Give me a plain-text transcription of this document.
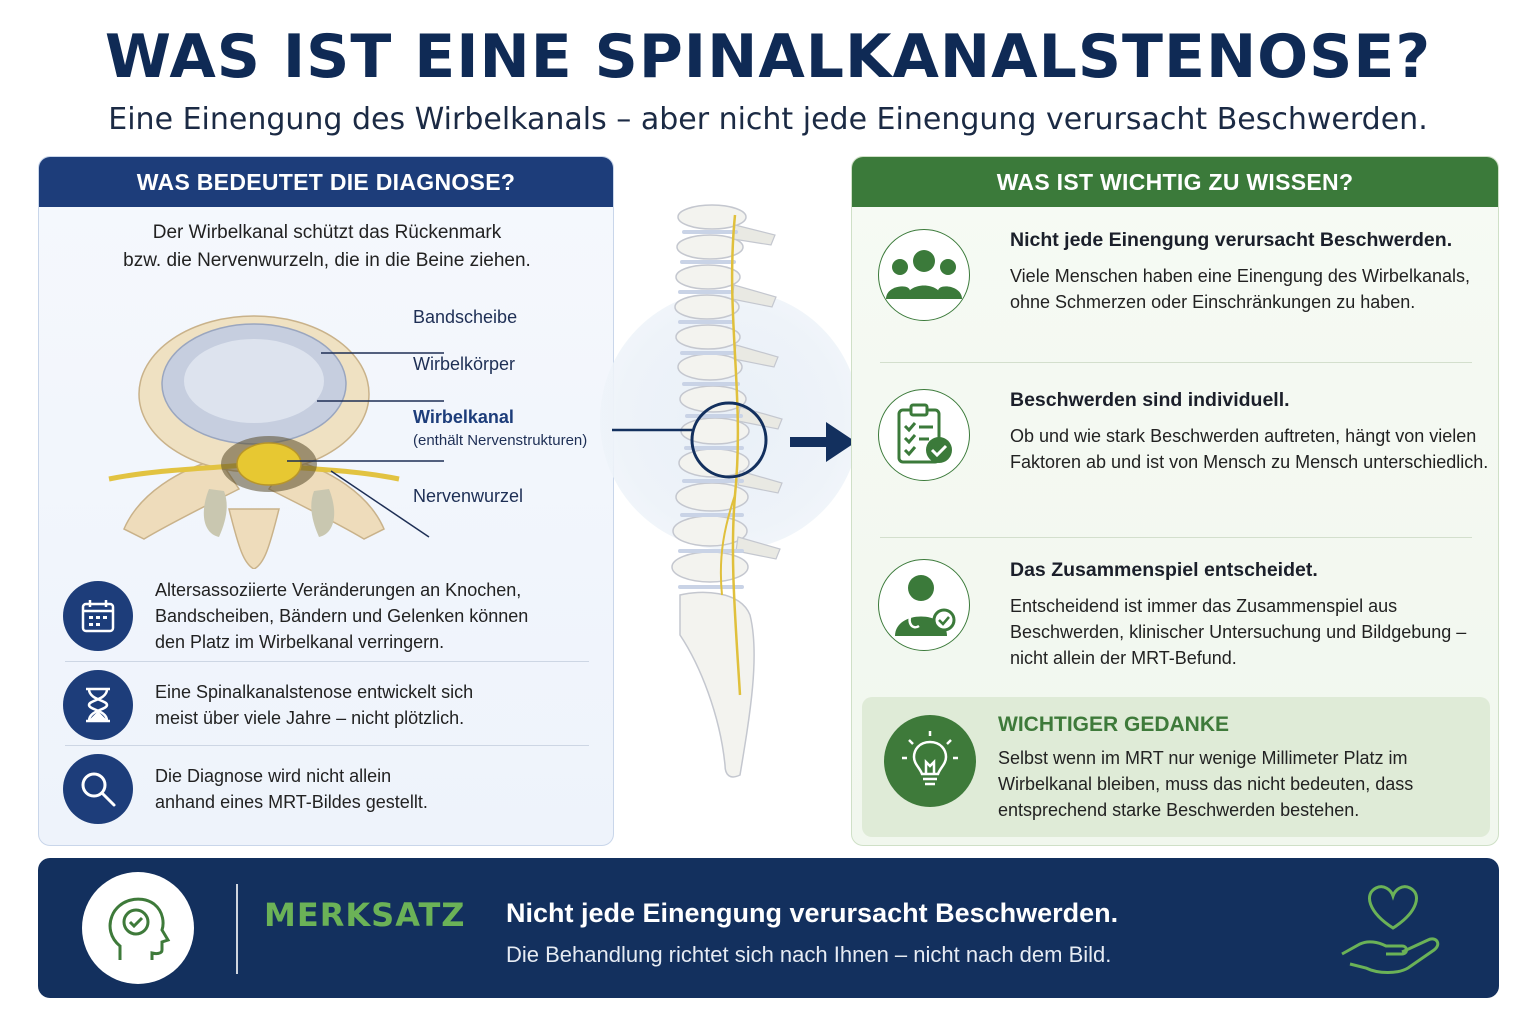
WAS IST EINE SPINALKANALSTENOSE?
Eine Einengung des Wirbelkanals – aber nicht jede Einengung verursacht Beschwerden.
WAS BEDEUTET DIE DIAGNOSE?
Der Wirbelkanal schützt das Rückenmark
bzw. die Nervenwurzeln, die in die Beine ziehen.
Bandscheibe
Wirbelkörper
Wirbelkanal
(enthält Nervenstrukturen)
Nervenwurzel
Altersassoziierte Veränderungen an Knochen,
Bandscheiben, Bändern und Gelenken können
den Platz im Wirbelkanal verringern.
Eine Spinalkanalstenose entwickelt sich
meist über viele Jahre – nicht plötzlich.
Die Diagnose wird nicht allein
anhand eines MRT-Bildes gestellt.
WAS IST WICHTIG ZU WISSEN?
Nicht jede Einengung verursacht Beschwerden.

Viele Menschen haben eine Einengung des Wirbelkanals, ohne Schmerzen oder Einschränkungen zu haben.

Beschwerden sind individuell.

Ob und wie stark Beschwerden auftreten, hängt von vielen Faktoren ab und ist von Mensch zu Mensch unterschiedlich.

Das Zusammenspiel entscheidet.

Entscheidend ist immer das Zusammenspiel aus Beschwerden, klinischer Untersuchung und Bildgebung – nicht allein der MRT-Befund.

WICHTIGER GEDANKE

Selbst wenn im MRT nur wenige Millimeter Platz im Wirbelkanal bleiben, muss das nicht bedeuten, dass entsprechend starke Beschwerden bestehen.

MERKSATZ Nicht jede Einengung verursacht Beschwerden.
Die Behandlung richtet sich nach Ihnen – nicht nach dem Bild.
